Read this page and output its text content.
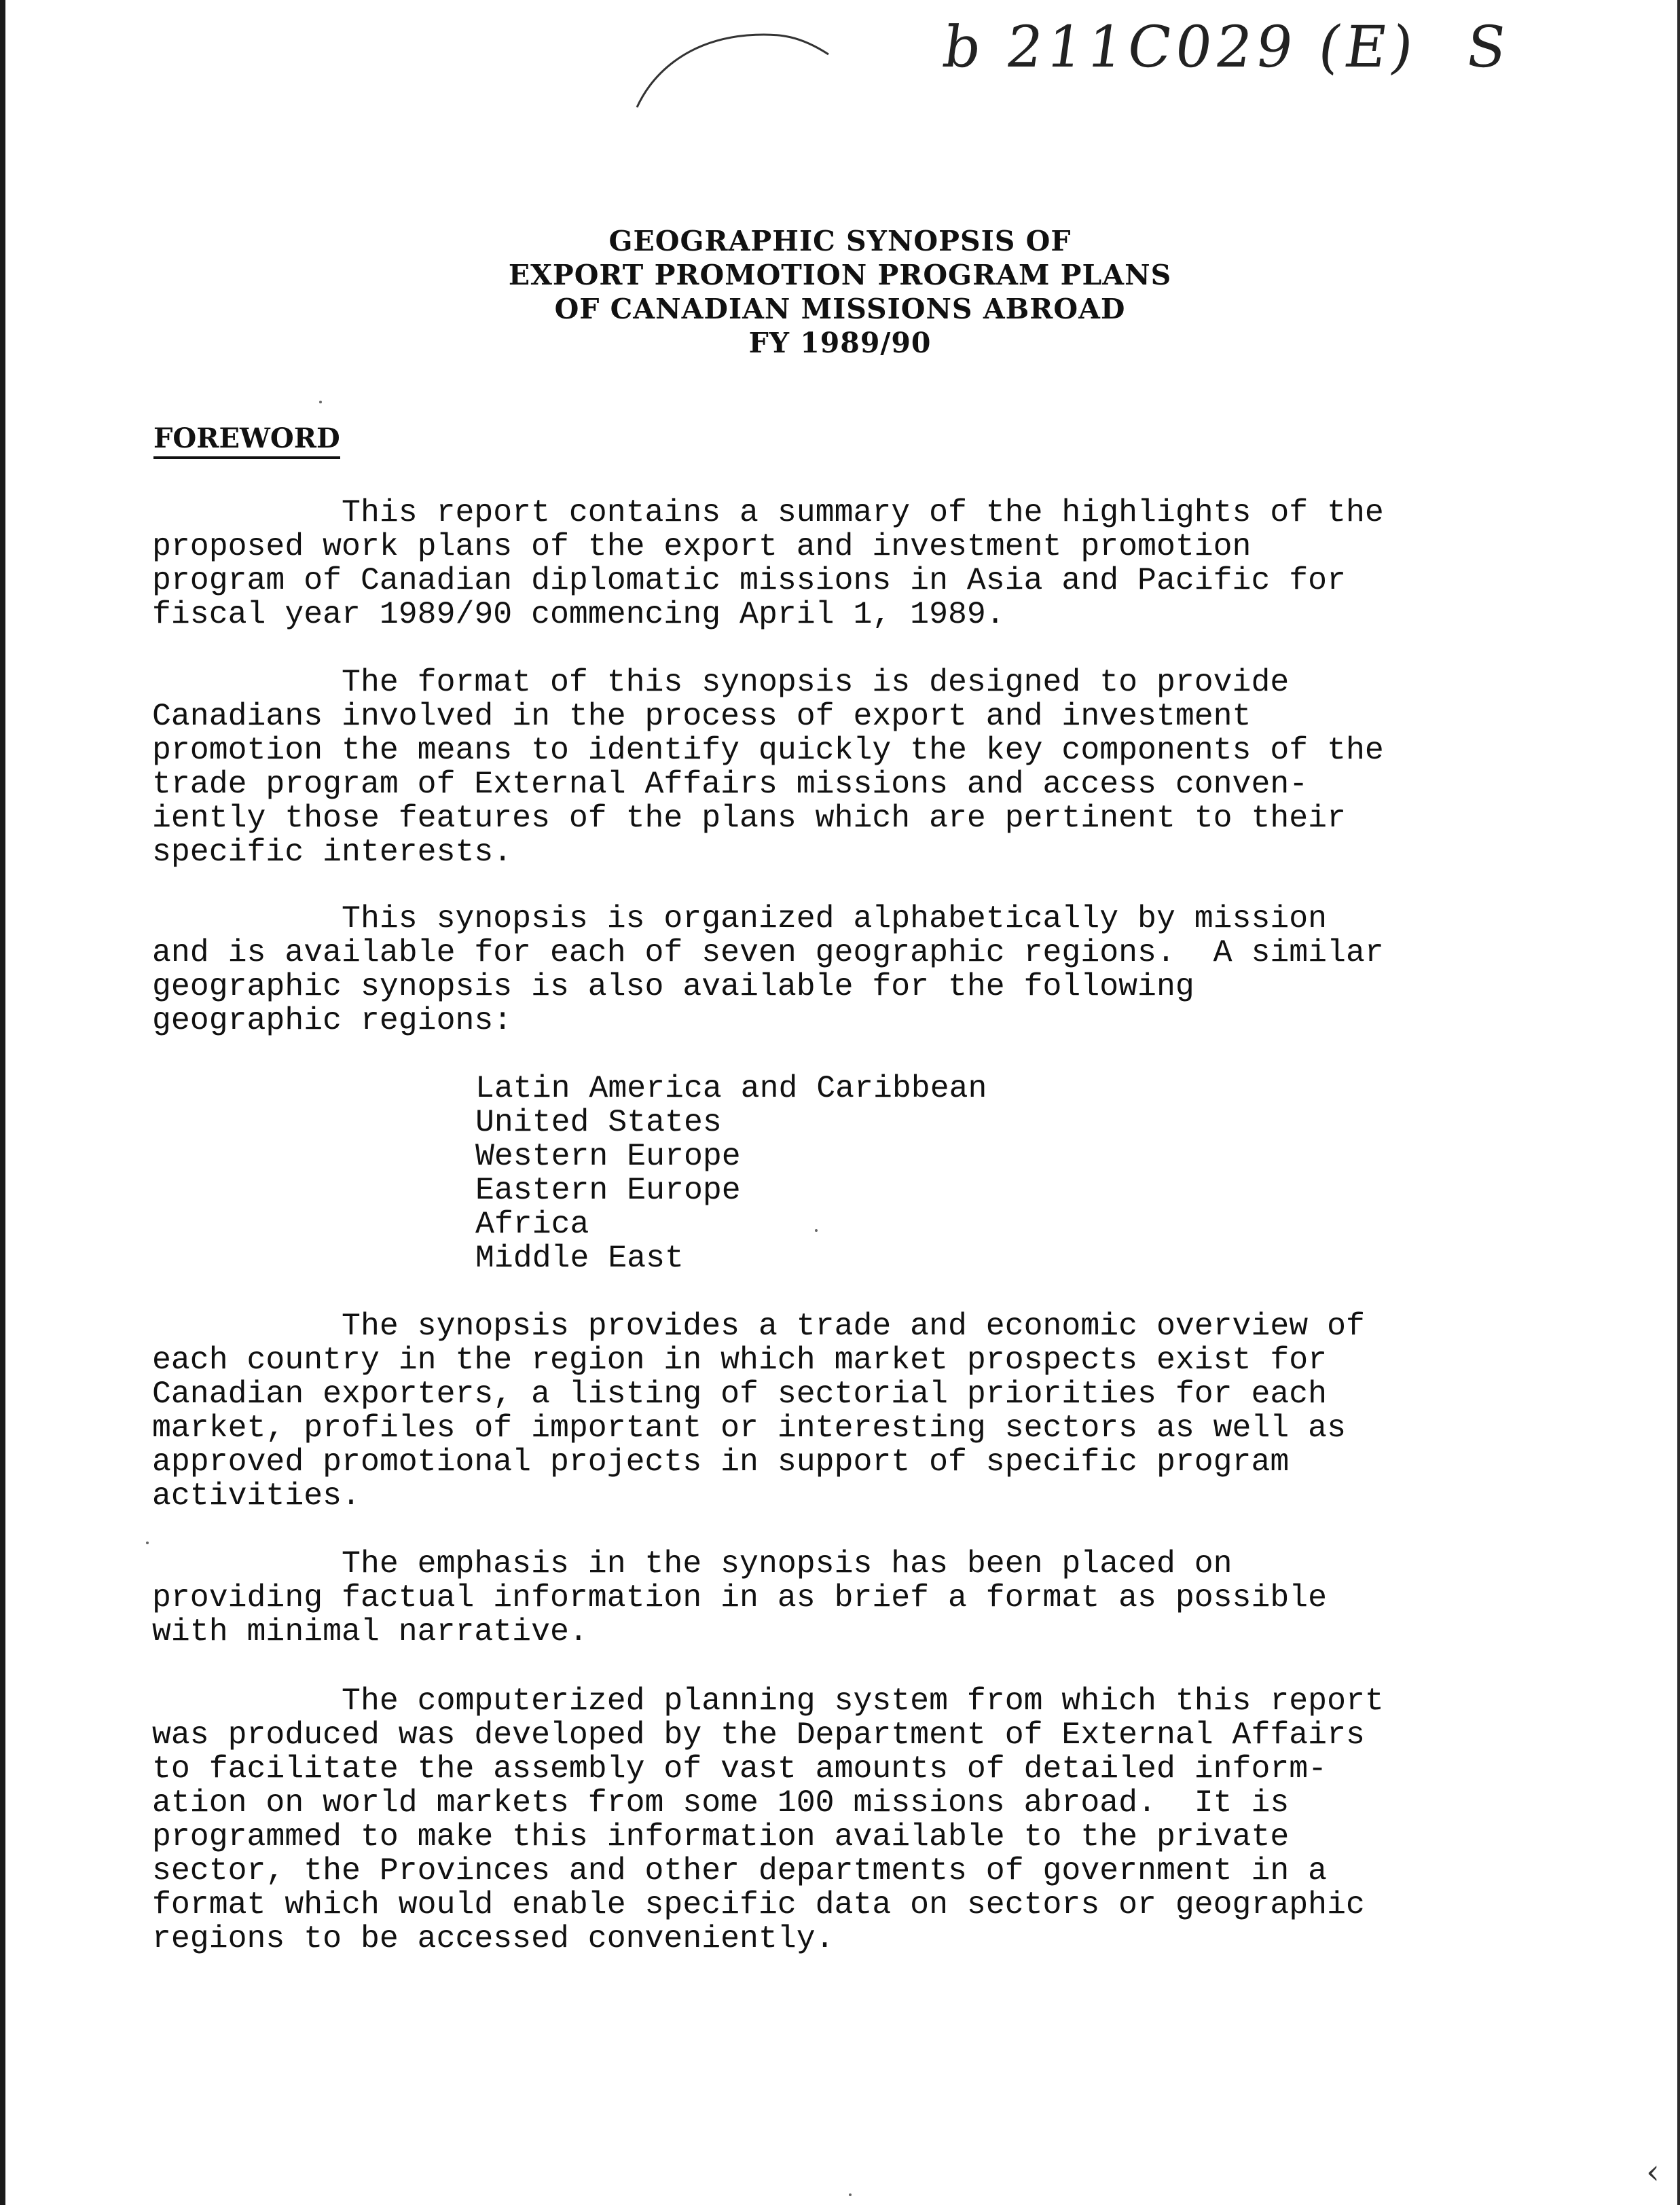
b 211C029 (E) S
GEOGRAPHIC SYNOPSIS OF
EXPORT PROMOTION PROGRAM PLANS
OF CANADIAN MISSIONS ABROAD
FY 1989/90
FOREWORD
This report contains a summary of the highlights of the
proposed work plans of the export and investment promotion
program of Canadian diplomatic missions in Asia and Pacific for
fiscal year 1989/90 commencing April 1, 1989.
The format of this synopsis is designed to provide
Canadians involved in the process of export and investment
promotion the means to identify quickly the key components of the
trade program of External Affairs missions and access conven-
iently those features of the plans which are pertinent to their
specific interests.
This synopsis is organized alphabetically by mission
and is available for each of seven geographic regions.  A similar
geographic synopsis is also available for the following
geographic regions:
Latin America and Caribbean
United States
Western Europe
Eastern Europe
Africa
Middle East
The synopsis provides a trade and economic overview of
each country in the region in which market prospects exist for
Canadian exporters, a listing of sectorial priorities for each
market, profiles of important or interesting sectors as well as
approved promotional projects in support of specific program
activities.
The emphasis in the synopsis has been placed on
providing factual information in as brief a format as possible
with minimal narrative.
The computerized planning system from which this report
was produced was developed by the Department of External Affairs
to facilitate the assembly of vast amounts of detailed inform-
ation on world markets from some 100 missions abroad.  It is
programmed to make this information available to the private
sector, the Provinces and other departments of government in a
format which would enable specific data on sectors or geographic
regions to be accessed conveniently.
‹
